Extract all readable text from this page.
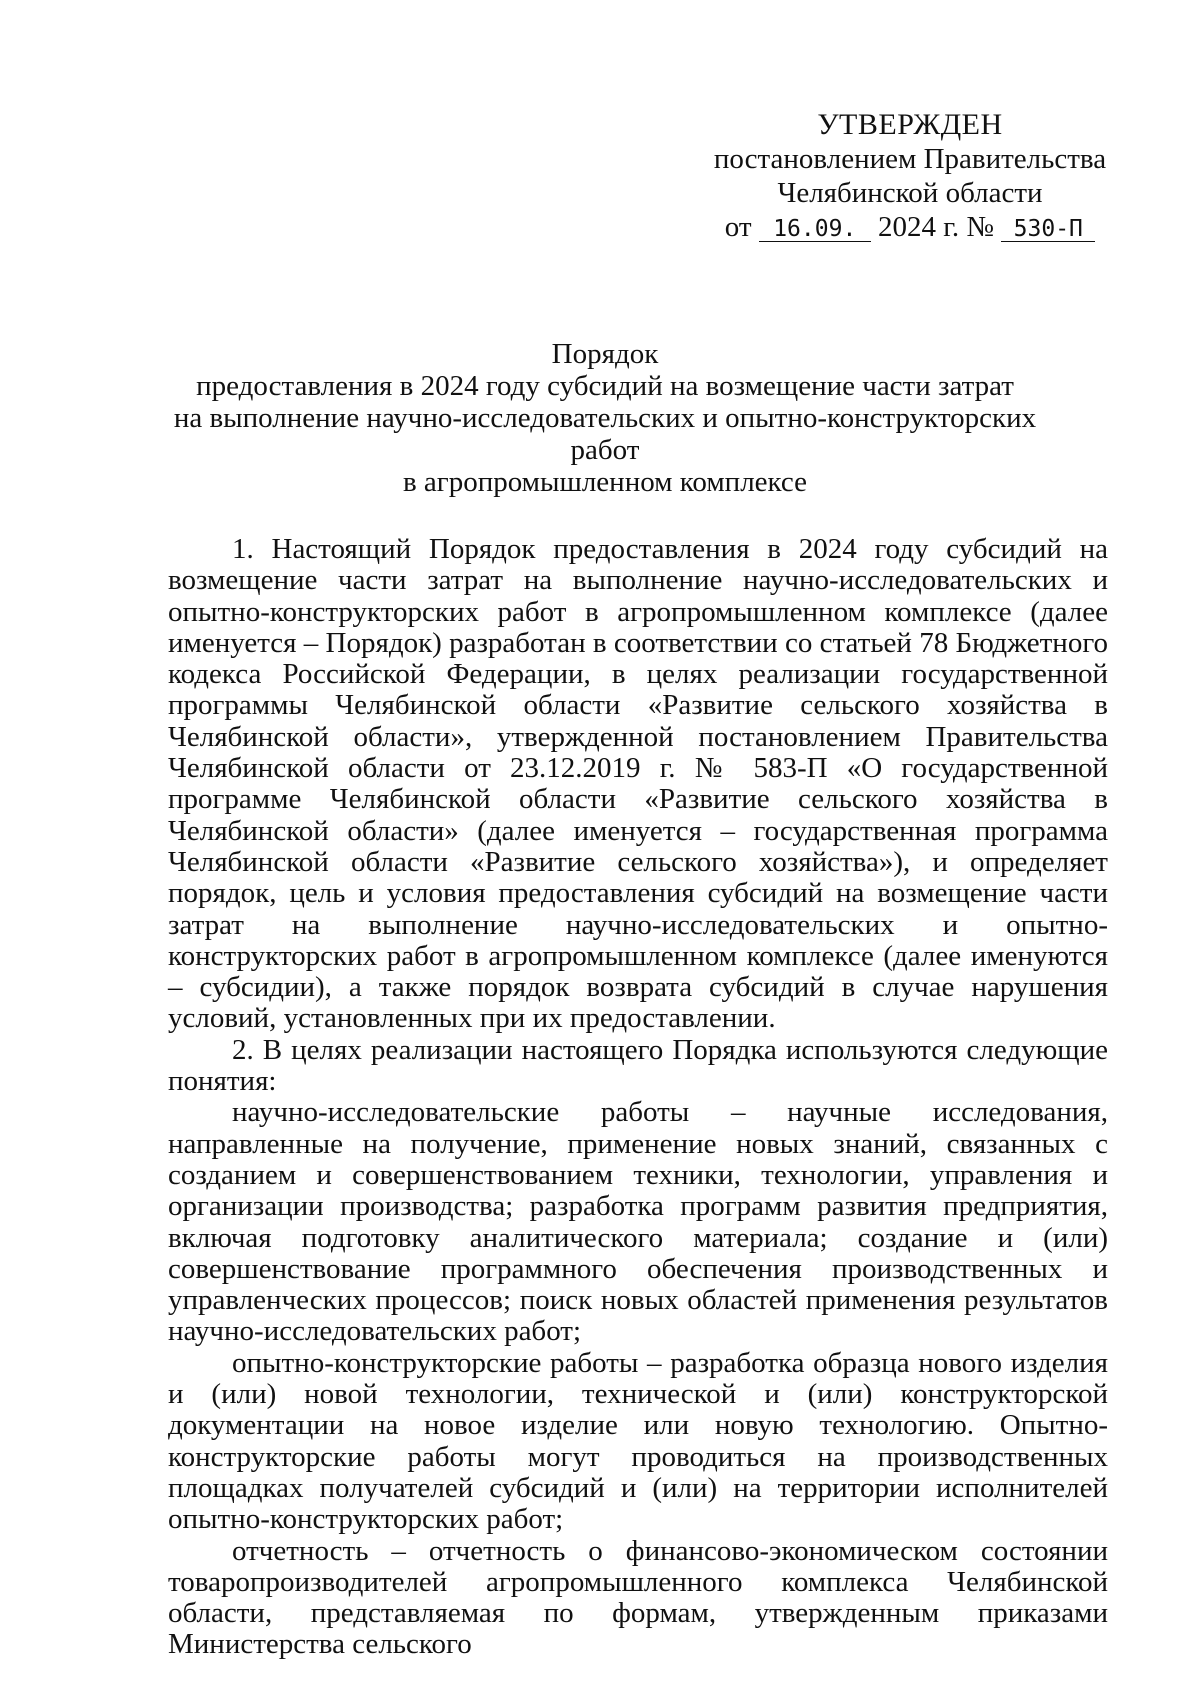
УТВЕРЖДЕН
постановлением Правительства
Челябинской области
от 16.09. 2024 г. № 530-П
Порядок
предоставления в 2024 году субсидий на возмещение части затрат
на выполнение научно-исследовательских и опытно-конструкторских работ
в агропромышленном комплексе

1. Настоящий Порядок предоставления в 2024 году субсидий на возмещение части затрат на выполнение научно-исследовательских и опытно-конструкторских работ в агропромышленном комплексе (далее именуется – Порядок) разработан в соответствии со статьей 78 Бюджетного кодекса Российской Федерации, в целях реализации государственной программы Челябинской области «Развитие сельского хозяйства в Челябинской области», утвержденной постановлением Правительства Челябинской области от 23.12.2019 г. № 583-П «О государственной программе Челябинской области «Развитие сельского хозяйства в Челябинской области» (далее именуется – государственная программа Челябинской области «Развитие сельского хозяйства»), и определяет порядок, цель и условия предоставления субсидий на возмещение части затрат на выполнение научно-исследовательских и опытно-конструкторских работ в агропромышленном комплексе (далее именуются – субсидии), а также порядок возврата субсидий в случае нарушения условий, установленных при их предоставлении.

2. В целях реализации настоящего Порядка используются следующие понятия:

научно-исследовательские работы – научные исследования, направленные на получение, применение новых знаний, связанных с созданием и совершенствованием техники, технологии, управления и организации производства; разработка программ развития предприятия, включая подготовку аналитического материала; создание и (или) совершенствование программного обеспечения производственных и управленческих процессов; поиск новых областей применения результатов научно-исследовательских работ;

опытно-конструкторские работы – разработка образца нового изделия и (или) новой технологии, технической и (или) конструкторской документации на новое изделие или новую технологию. Опытно-конструкторские работы могут проводиться на производственных площадках получателей субсидий и (или) на территории исполнителей опытно-конструкторских работ;

отчетность – отчетность о финансово-экономическом состоянии товаропроизводителей агропромышленного комплекса Челябинской области, представляемая по формам, утвержденным приказами Министерства сельского
